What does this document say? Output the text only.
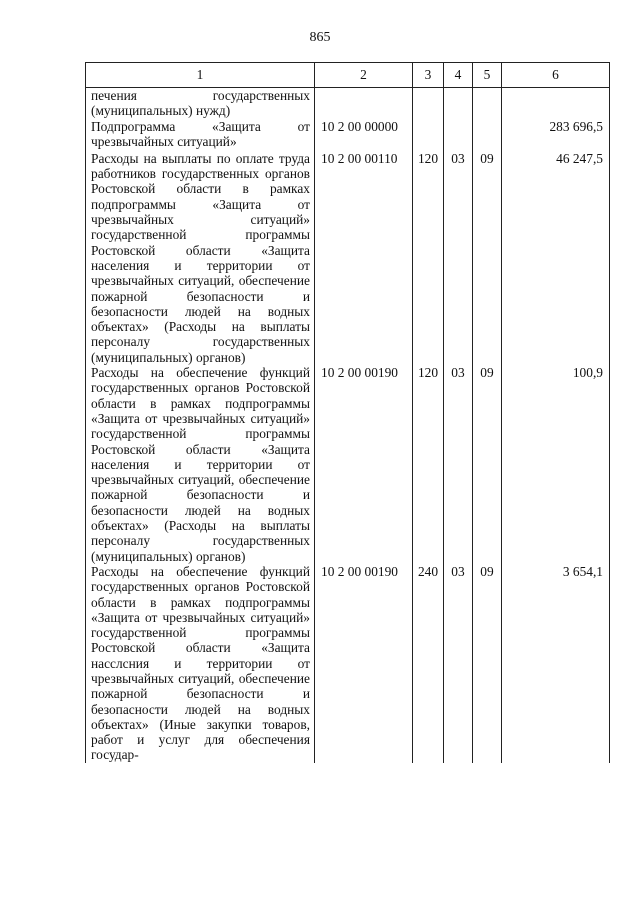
865
1	2	3	4	5	6

печения государственных (муниципальных) нужд)					

Подпрограмма «Защита от чрезвычайных ситуаций»	10 2 00 00000				283 696,5

Расходы на выплаты по оплате труда работников государственных органов Ростовской области в рамках подпрограммы «Защита от чрезвычайных ситуаций» государственной программы Ростовской области «Защита населения и территории от чрезвычайных ситуаций, обеспечение пожарной безопасности и безопасности людей на водных объектах» (Расходы на выплаты персоналу государственных (муниципальных) органов)	10 2 00 00110	120	03	09	46 247,5

Расходы на обеспечение функций государственных органов Ростовской области в рамках подпрограммы «Защита от чрезвычайных ситуаций» государственной программы Ростовской области «Защита населения и территории от чрезвычайных ситуаций, обеспечение пожарной безопасности и безопасности людей на водных объектах» (Расходы на выплаты персоналу государственных (муниципальных) органов)	10 2 00 00190	120	03	09	100,9

Расходы на обеспечение функций государственных органов Ростовской области в рамках подпрограммы «Защита от чрезвычайных ситуаций» государственной программы Ростовской области «Защита насслсния и территории от чрезвычайных ситуаций, обеспечение пожарной безопасности и безопасности людей на водных объектах» (Иные закупки товаров, работ и услуг для обеспечения государ-	10 2 00 00190	240	03	09	3 654,1
